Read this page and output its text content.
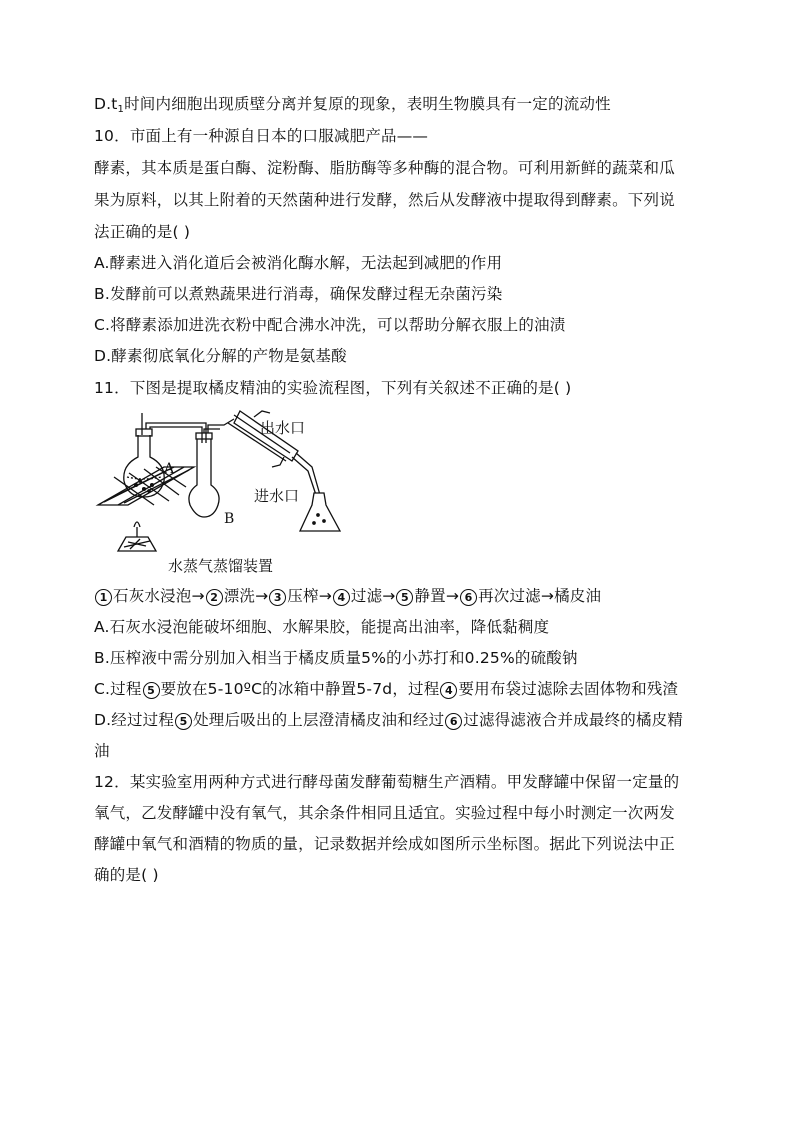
$D.t_1$时间内细胞出现质壁分离并复原的现象，表明生物膜具有一定的流动性
10．市面上有一种源自日本的口服减肥产品——
酵素，其本质是蛋白酶、淀粉酶、脂肪酶等多种酶的混合物。可利用新鲜的蔬菜和瓜
果为原料，以其上附着的天然菌种进行发酵，然后从发酵液中提取得到酵素。下列说
法正确的是( )
A.酵素进入消化道后会被消化酶水解，无法起到减肥的作用
B.发酵前可以煮熟蔬果进行消毒，确保发酵过程无杂菌污染
C.将酵素添加进洗衣粉中配合沸水冲洗，可以帮助分解衣服上的油渍
D.酵素彻底氧化分解的产物是氨基酸
11．下图是提取橘皮精油的实验流程图，下列有关叙述不正确的是( )
出水口
进水口
A
B
水蒸气蒸馏装置
1 石灰水浸泡→ 2 漂洗→ 3 压榨→ 4 过滤→ 5 静置→ 6 再次过滤→橘皮油
A.石灰水浸泡能破坏细胞、水解果胶，能提高出油率，降低黏稠度
B.压榨液中需分别加入相当于橘皮质量5%的小苏打和0.25%的硫酸钠
C.过程 5 要放在5-10ºC的冰箱中静置5-7d，过程 4 要用布袋过滤除去固体物和残渣
D.经过过程 5 处理后吸出的上层澄清橘皮油和经过 6 过滤得滤液合并成最终的橘皮精
油
12．某实验室用两种方式进行酵母菌发酵葡萄糖生产酒精。甲发酵罐中保留一定量的
氧气，乙发酵罐中没有氧气，其余条件相同且适宜。实验过程中每小时测定一次两发
酵罐中氧气和酒精的物质的量，记录数据并绘成如图所示坐标图。据此下列说法中正
确的是( )
